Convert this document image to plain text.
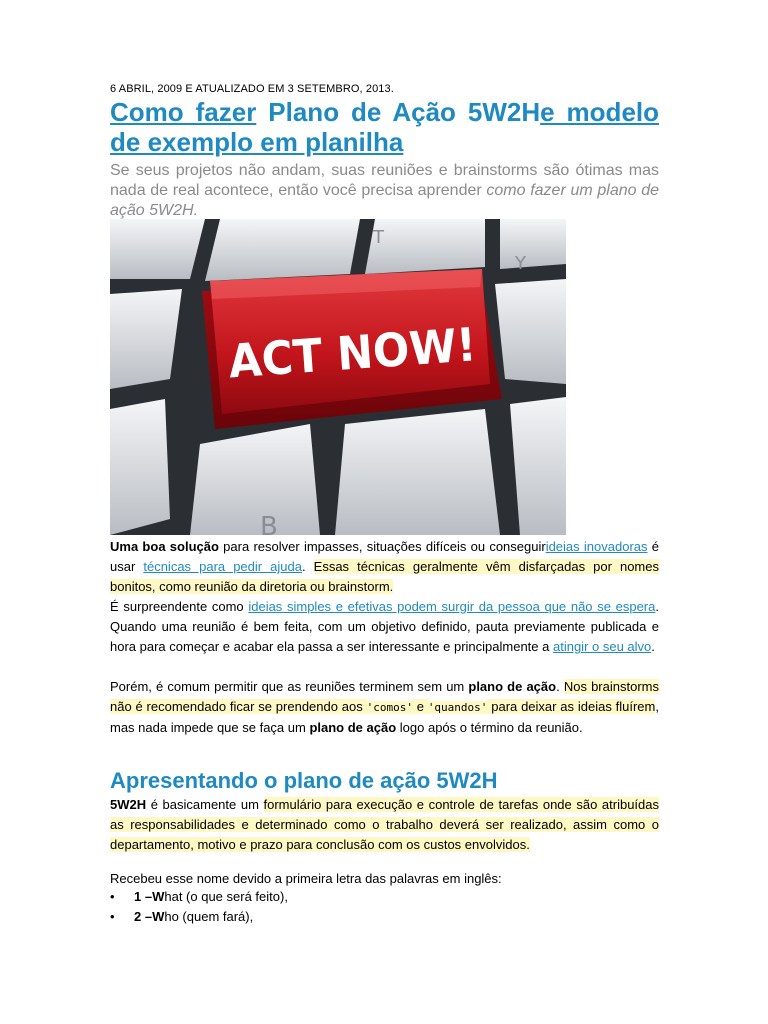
6 ABRIL, 2009 E ATUALIZADO EM 3 SETEMBRO, 2013.
Como fazer Plano de Ação 5W2He modelo de exemplo em planilha

Se seus projetos não andam, suas reuniões e brainstorms são ótimas mas nada de real acontece, então você precisa aprender como fazer um plano de ação 5W2H.

T
Y
B
ACT NOW!

Uma boa solução para resolver impasses, situações difíceis ou conseguirideias inovadoras é usar técnicas para pedir ajuda. Essas técnicas geralmente vêm disfarçadas por nomes bonitos, como reunião da diretoria ou brainstorm.

É surpreendente como ideias simples e efetivas podem surgir da pessoa que não se espera. Quando uma reunião é bem feita, com um objetivo definido, pauta previamente publicada e hora para começar e acabar ela passa a ser interessante e principalmente a atingir o seu alvo.

Porém, é comum permitir que as reuniões terminem sem um plano de ação. Nos brainstorms não é recomendado ficar se prendendo aos 'comos' e 'quandos' para deixar as ideias fluírem, mas nada impede que se faça um plano de ação logo após o término da reunião.

Apresentando o plano de ação 5W2H

5W2H é basicamente um formulário para execução e controle de tarefas onde são atribuídas as responsabilidades e determinado como o trabalho deverá ser realizado, assim como o departamento, motivo e prazo para conclusão com os custos envolvidos.

Recebeu esse nome devido a primeira letra das palavras em inglês:

•	1 – W hat (o que será feito),
•	2 – W ho (quem fará),
